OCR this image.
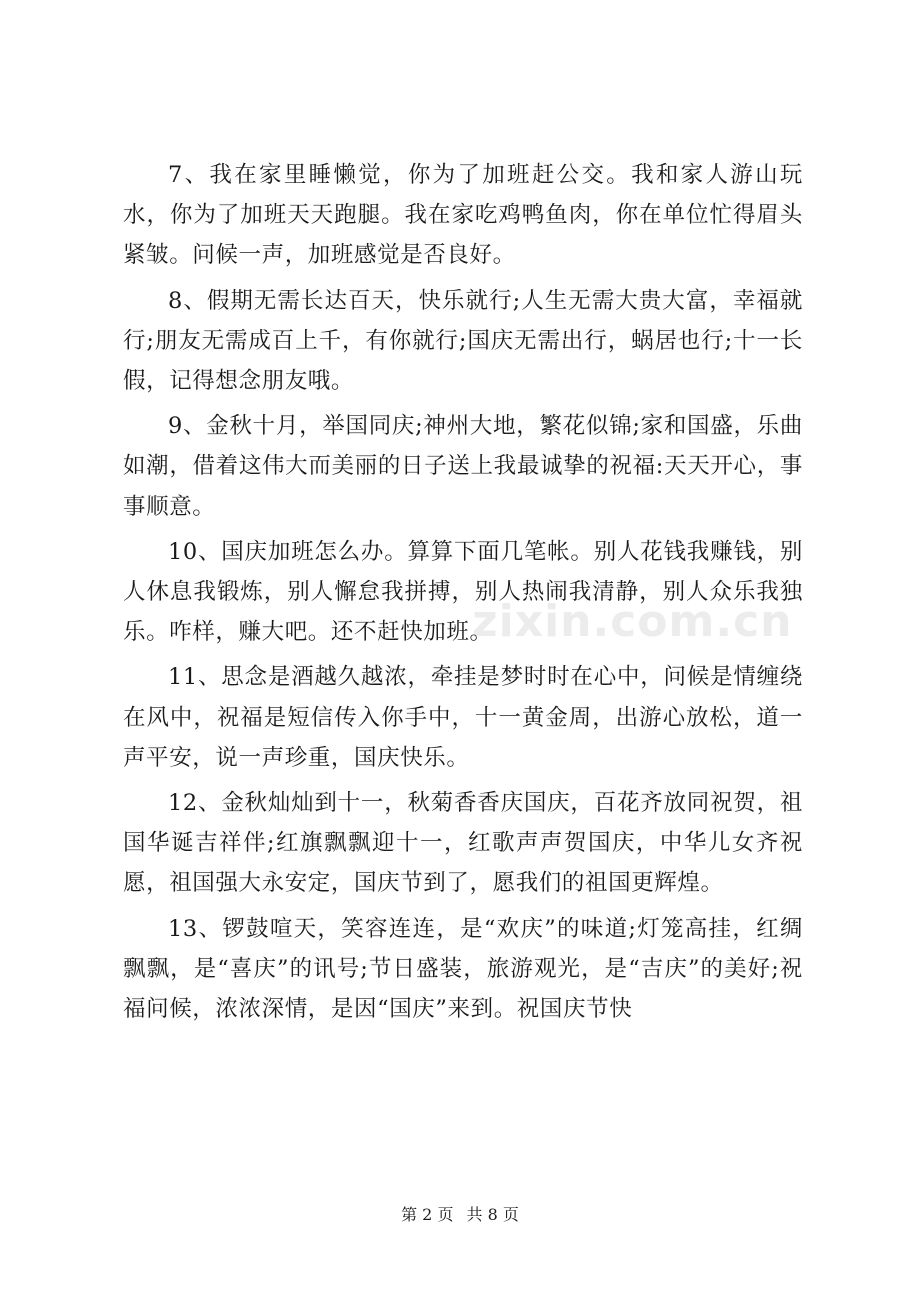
zixin.com.cn

7、我在家里睡懒觉，你为了加班赶公交。我和家人游山玩水，你为了加班天天跑腿。我在家吃鸡鸭鱼肉，你在单位忙得眉头紧皱。问候一声，加班感觉是否良好。

8、假期无需长达百天，快乐就行;人生无需大贵大富，幸福就行;朋友无需成百上千，有你就行;国庆无需出行，蜗居也行;十一长假，记得想念朋友哦。

9、金秋十月，举国同庆;神州大地，繁花似锦;家和国盛，乐曲如潮，借着这伟大而美丽的日子送上我最诚挚的祝福:天天开心，事事顺意。

10、国庆加班怎么办。算算下面几笔帐。别人花钱我赚钱，别人休息我锻炼，别人懈怠我拼搏，别人热闹我清静，别人众乐我独乐。咋样，赚大吧。还不赶快加班。

11、思念是酒越久越浓，牵挂是梦时时在心中，问候是情缠绕在风中，祝福是短信传入你手中，十一黄金周，出游心放松，道一声平安，说一声珍重，国庆快乐。

12、金秋灿灿到十一，秋菊香香庆国庆，百花齐放同祝贺，祖国华诞吉祥伴;红旗飘飘迎十一，红歌声声贺国庆，中华儿女齐祝愿，祖国强大永安定，国庆节到了，愿我们的祖国更辉煌。

13、锣鼓喧天，笑容连连，是“欢庆”的味道;灯笼高挂，红绸飘飘，是“喜庆”的讯号;节日盛装，旅游观光，是“吉庆”的美好;祝福问候，浓浓深情，是因“国庆”来到。祝国庆节快

第 2 页 共 8 页
